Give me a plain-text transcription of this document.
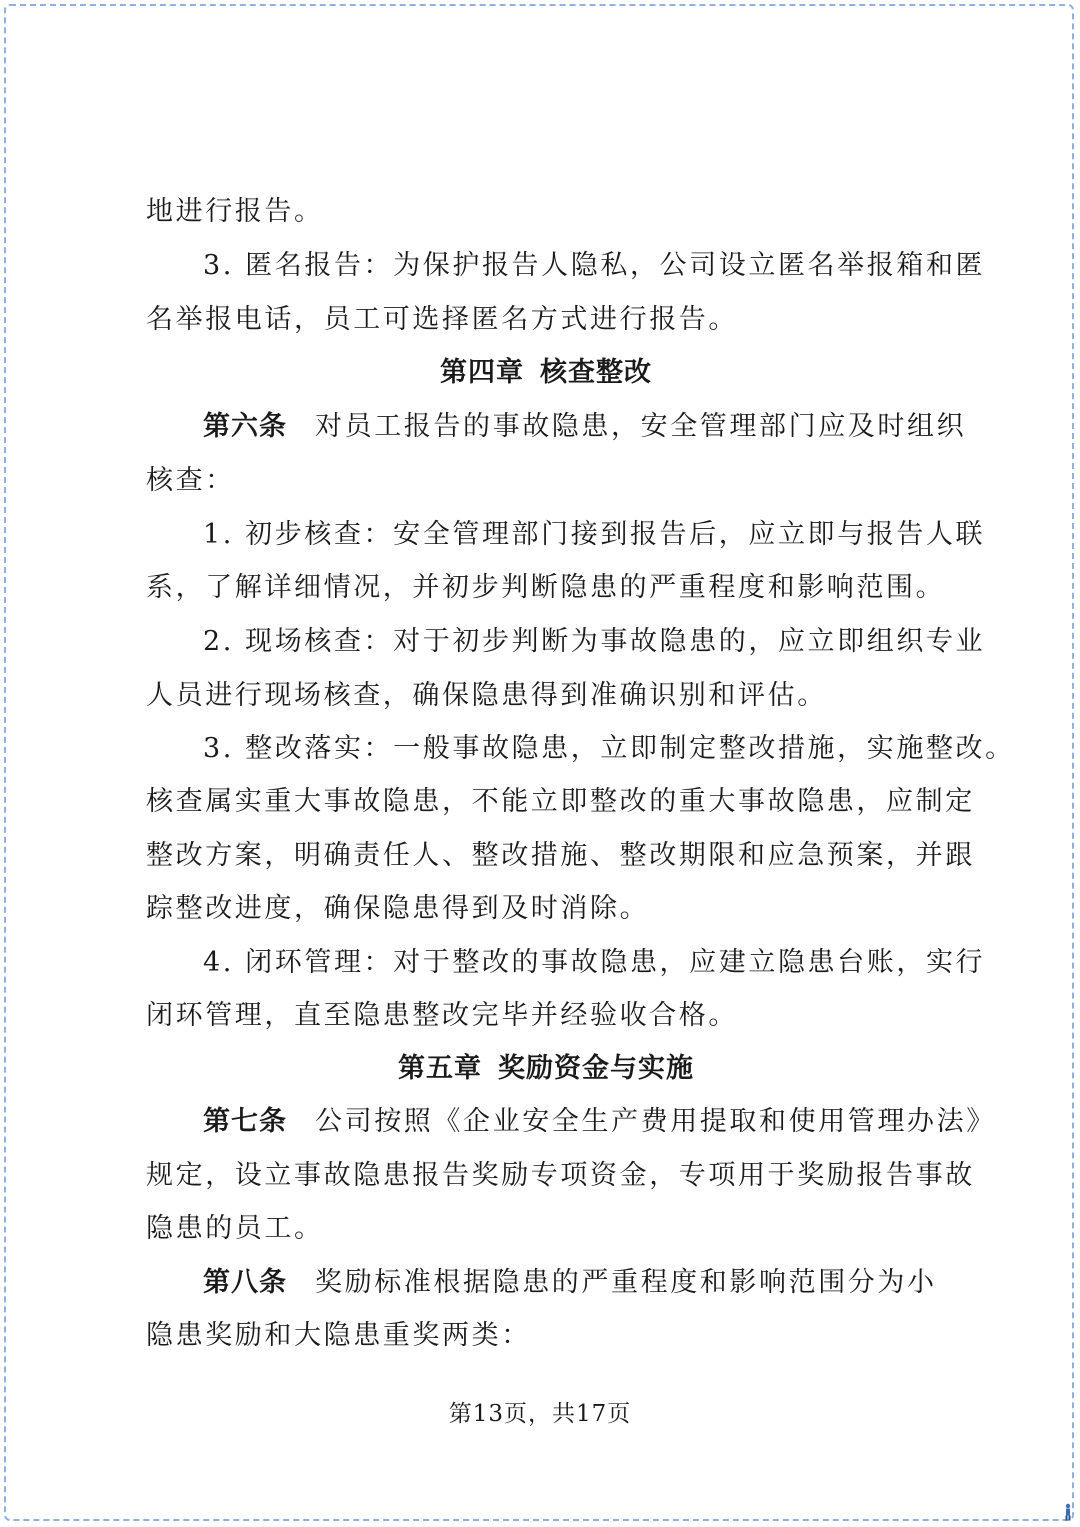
地进行报告。
3. 匿名报告：为保护报告人隐私，公司设立匿名举报箱和匿
名举报电话，员工可选择匿名方式进行报告。
第四章 核查整改
第六条 对员工报告的事故隐患，安全管理部门应及时组织
核查：
1. 初步核查：安全管理部门接到报告后，应立即与报告人联
系，了解详细情况，并初步判断隐患的严重程度和影响范围。
2. 现场核查：对于初步判断为事故隐患的，应立即组织专业
人员进行现场核查，确保隐患得到准确识别和评估。
3. 整改落实：一般事故隐患，立即制定整改措施，实施整改。
核查属实重大事故隐患，不能立即整改的重大事故隐患，应制定
整改方案，明确责任人、整改措施、整改期限和应急预案，并跟
踪整改进度，确保隐患得到及时消除。
4. 闭环管理：对于整改的事故隐患，应建立隐患台账，实行
闭环管理，直至隐患整改完毕并经验收合格。
第五章 奖励资金与实施
第七条 公司按照《企业安全生产费用提取和使用管理办法》
规定，设立事故隐患报告奖励专项资金，专项用于奖励报告事故
隐患的员工。
第八条 奖励标准根据隐患的严重程度和影响范围分为小
隐患奖励和大隐患重奖两类：
第13页，共17页
